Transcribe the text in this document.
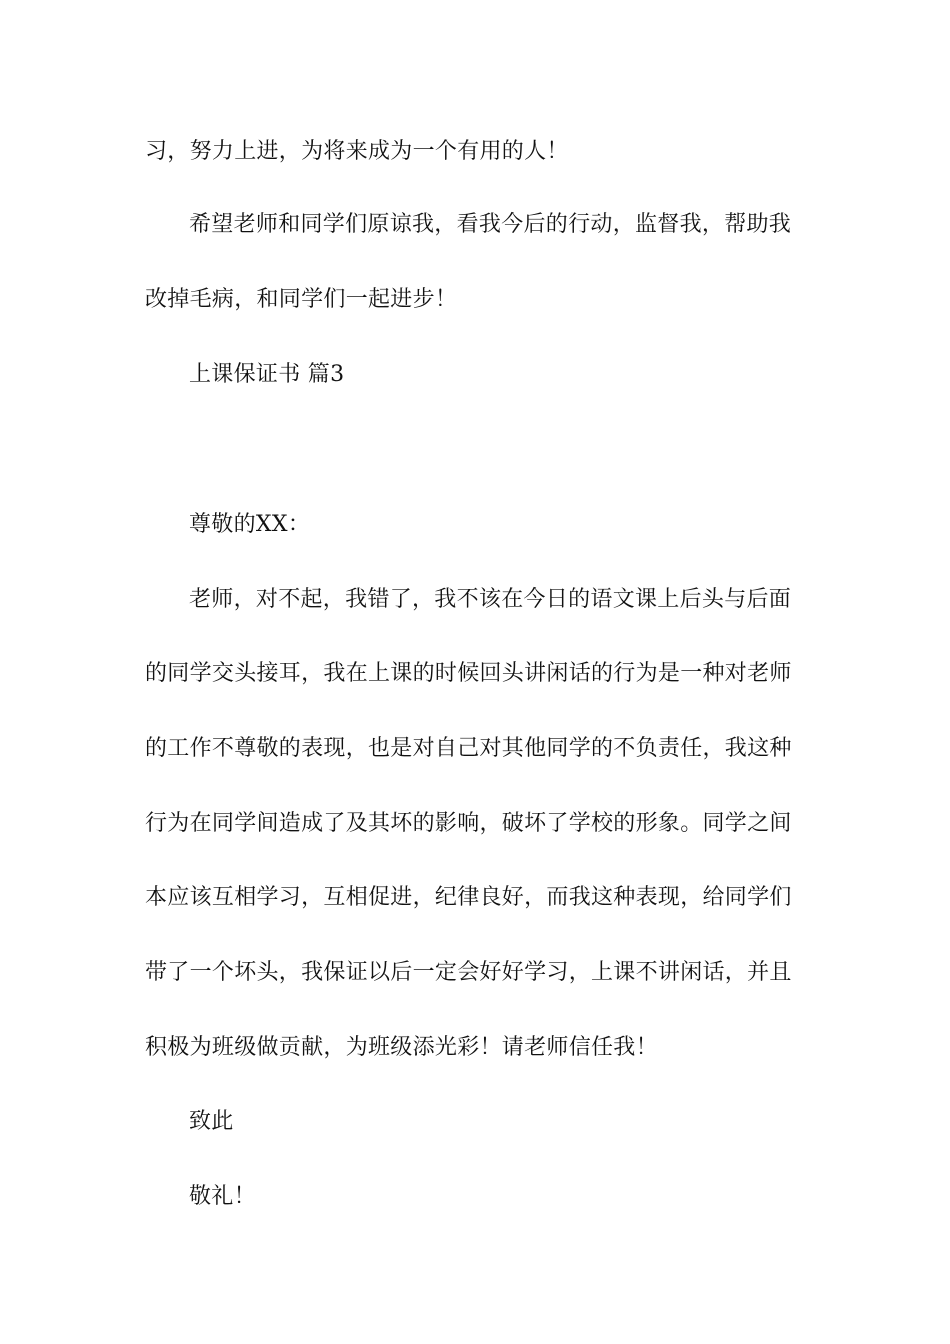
习，努力上进，为将来成为一个有用的人！
希望老师和同学们原谅我，看我今后的行动，监督我，帮助我
改掉毛病，和同学们一起进步！
上课保证书 篇3
尊敬的XX：
老师，对不起，我错了，我不该在今日的语文课上后头与后面
的同学交头接耳，我在上课的时候回头讲闲话的行为是一种对老师
的工作不尊敬的表现，也是对自己对其他同学的不负责任，我这种
行为在同学间造成了及其坏的影响，破坏了学校的形象。同学之间
本应该互相学习，互相促进，纪律良好，而我这种表现，给同学们
带了一个坏头，我保证以后一定会好好学习，上课不讲闲话，并且
积极为班级做贡献，为班级添光彩！请老师信任我！
致此
敬礼！
